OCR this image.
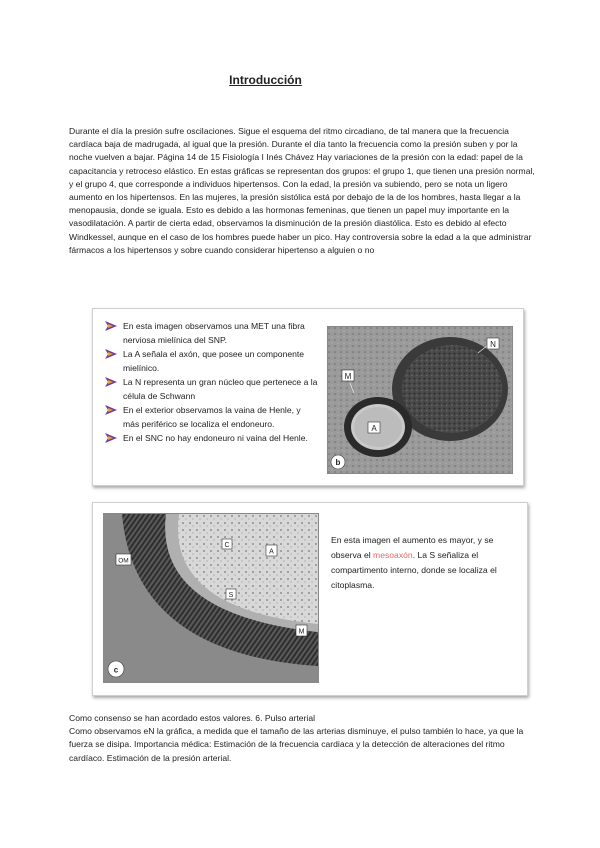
Introducción
Durante el día la presión sufre oscilaciones. Sigue el esquema del ritmo circadiano, de tal manera que la frecuencia cardíaca baja de madrugada, al igual que la presión. Durante el día tanto la frecuencia como la presión suben y por la noche vuelven a bajar. Página 14 de 15 Fisiología I Inés Chávez Hay variaciones de la presión con la edad: papel de la capacitancia y retroceso elástico. En estas gráficas se representan dos grupos: el grupo 1, que tienen una presión normal, y el grupo 4, que corresponde a individuos hipertensos. Con la edad, la presión va subiendo, pero se nota un ligero aumento en los hipertensos. En las mujeres, la presión sistólica está por debajo de la de los hombres, hasta llegar a la menopausia, donde se iguala. Esto es debido a las hormonas femeninas, que tienen un papel muy importante en la vasodilatación. A partir de cierta edad, observamos la disminución de la presión diastólica. Esto es debido al efecto Windkessel, aunque en el caso de los hombres puede haber un pico. Hay controversia sobre la edad a la que administrar fármacos a los hipertensos y sobre cuando considerar hipertenso a alguien o no
En esta imagen observamos una MET una fibra nerviosa mielínica del SNP.
La A señala el axón, que posee un componente mielínico.
La N representa un gran núcleo que pertenece a la célula de Schwann
En el exterior observamos la vaina de Henle, y más periférico se localiza el endoneuro.
En el SNC no hay endoneuro ni vaina del Henle.
N
M
A
b
OM
C
A
S
M
c
En esta imagen el aumento es mayor, y se observa el mesoaxón. La S señaliza el compartimento interno, donde se localiza el citoplasma.
Como consenso se han acordado estos valores. 6. Pulso arterial
Como observamos eN la gráfica, a medida que el tamaño de las arterias disminuye, el pulso también lo hace, ya que la fuerza se disipa. Importancia médica: Estimación de la frecuencia cardiaca y la detección de alteraciones del ritmo cardíaco. Estimación de la presión arterial.
